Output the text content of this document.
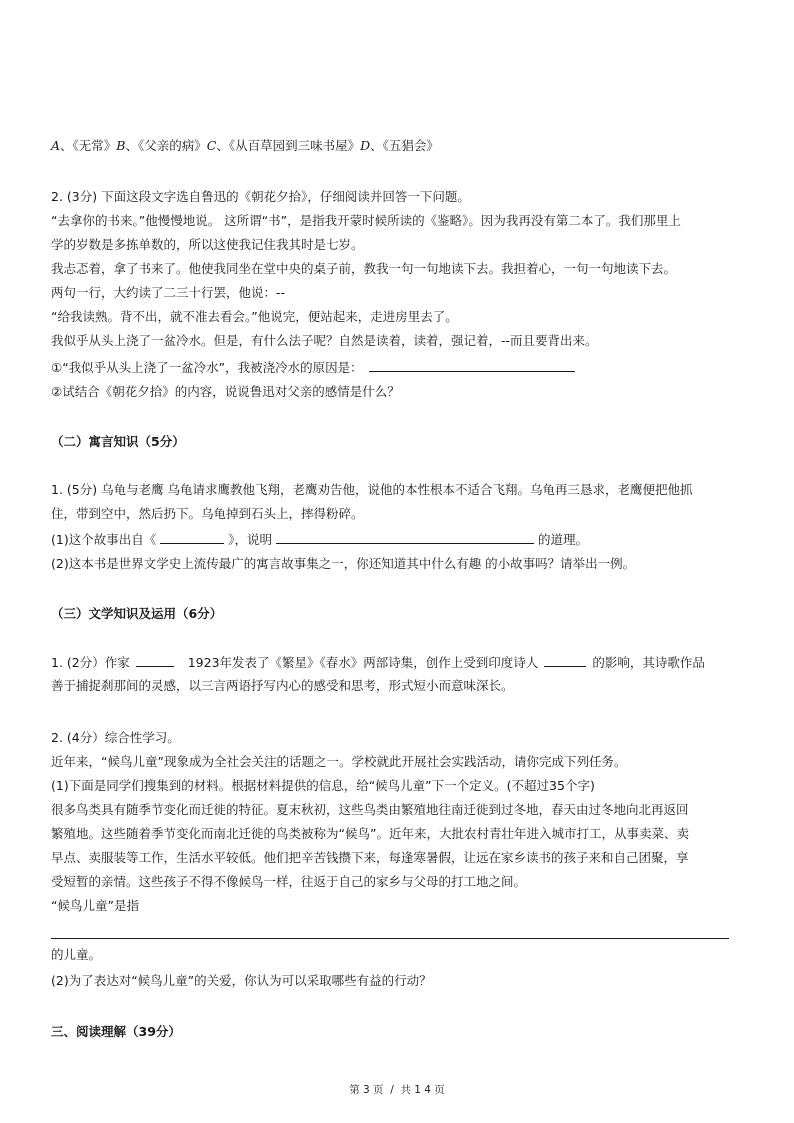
A、《无常》B、《父亲的病》C、《从百草园到三味书屋》D、《五猖会》
2. (3分) 下面这段文字选自鲁迅的《朝花夕拾》，仔细阅读并回答一下问题。
“去拿你的书来。”他慢慢地说。 这所谓“书”，是指我开蒙时候所读的《鉴略》。因为我再没有第二本了。我们那里上
学的岁数是多拣单数的，所以这使我记住我其时是七岁。
我忐忑着，拿了书来了。他使我同坐在堂中央的桌子前，教我一句一句地读下去。我担着心，一句一句地读下去。
两句一行，大约读了二三十行罢，他说：--
“给我读熟。背不出，就不准去看会。”他说完，便站起来，走进房里去了。
我似乎从头上浇了一盆冷水。但是，有什么法子呢？自然是读着，读着，强记着，--而且要背出来。
①“我似乎从头上浇了一盆冷水”，我被浇冷水的原因是：
②试结合《朝花夕拾》的内容，说说鲁迅对父亲的感情是什么？
（二）寓言知识（5分）
1. (5分) 乌龟与老鹰 乌龟请求鹰教他飞翔，老鹰劝告他，说他的本性根本不适合飞翔。乌龟再三恳求，老鹰便把他抓
住，带到空中，然后扔下。乌龟掉到石头上，摔得粉碎。
(1)这个故事出自《	》，说明	的道理。
(2)这本书是世界文学史上流传最广的寓言故事集之一，你还知道其中什么有趣 的小故事吗？请举出一例。
（三）文学知识及运用（6分）
1. (2分）作家	1923年发表了《繁星》《春水》两部诗集，创作上受到印度诗人	的影响，其诗歌作品
善于捕捉刹那间的灵感，以三言两语抒写内心的感受和思考，形式短小而意味深长。
2. (4分）综合性学习。
近年来，“候鸟儿童”现象成为全社会关注的话题之一。学校就此开展社会实践活动，请你完成下列任务。
(1)下面是同学们搜集到的材料。根据材料提供的信息，给“候鸟儿童”下一个定义。(不超过35个字)
很多鸟类具有随季节变化而迁徙的特征。夏末秋初，这些鸟类由繁殖地往南迁徙到过冬地，春天由过冬地向北再返回
繁殖地。这些随着季节变化而南北迁徙的鸟类被称为“候鸟”。近年来，大批农村青壮年进入城市打工，从事卖菜、卖
早点、卖服装等工作，生活水平较低。他们把辛苦钱攒下来，每逢寒暑假，让远在家乡读书的孩子来和自己团聚，享
受短暂的亲情。这些孩子不得不像候鸟一样，往返于自己的家乡与父母的打工地之间。
“候鸟儿童”是指
的儿童。
(2)为了表达对“候鸟儿童”的关爱，你认为可以采取哪些有益的行动？
三、阅读理解（39分）
第 3 页  /  共 1 4 页
